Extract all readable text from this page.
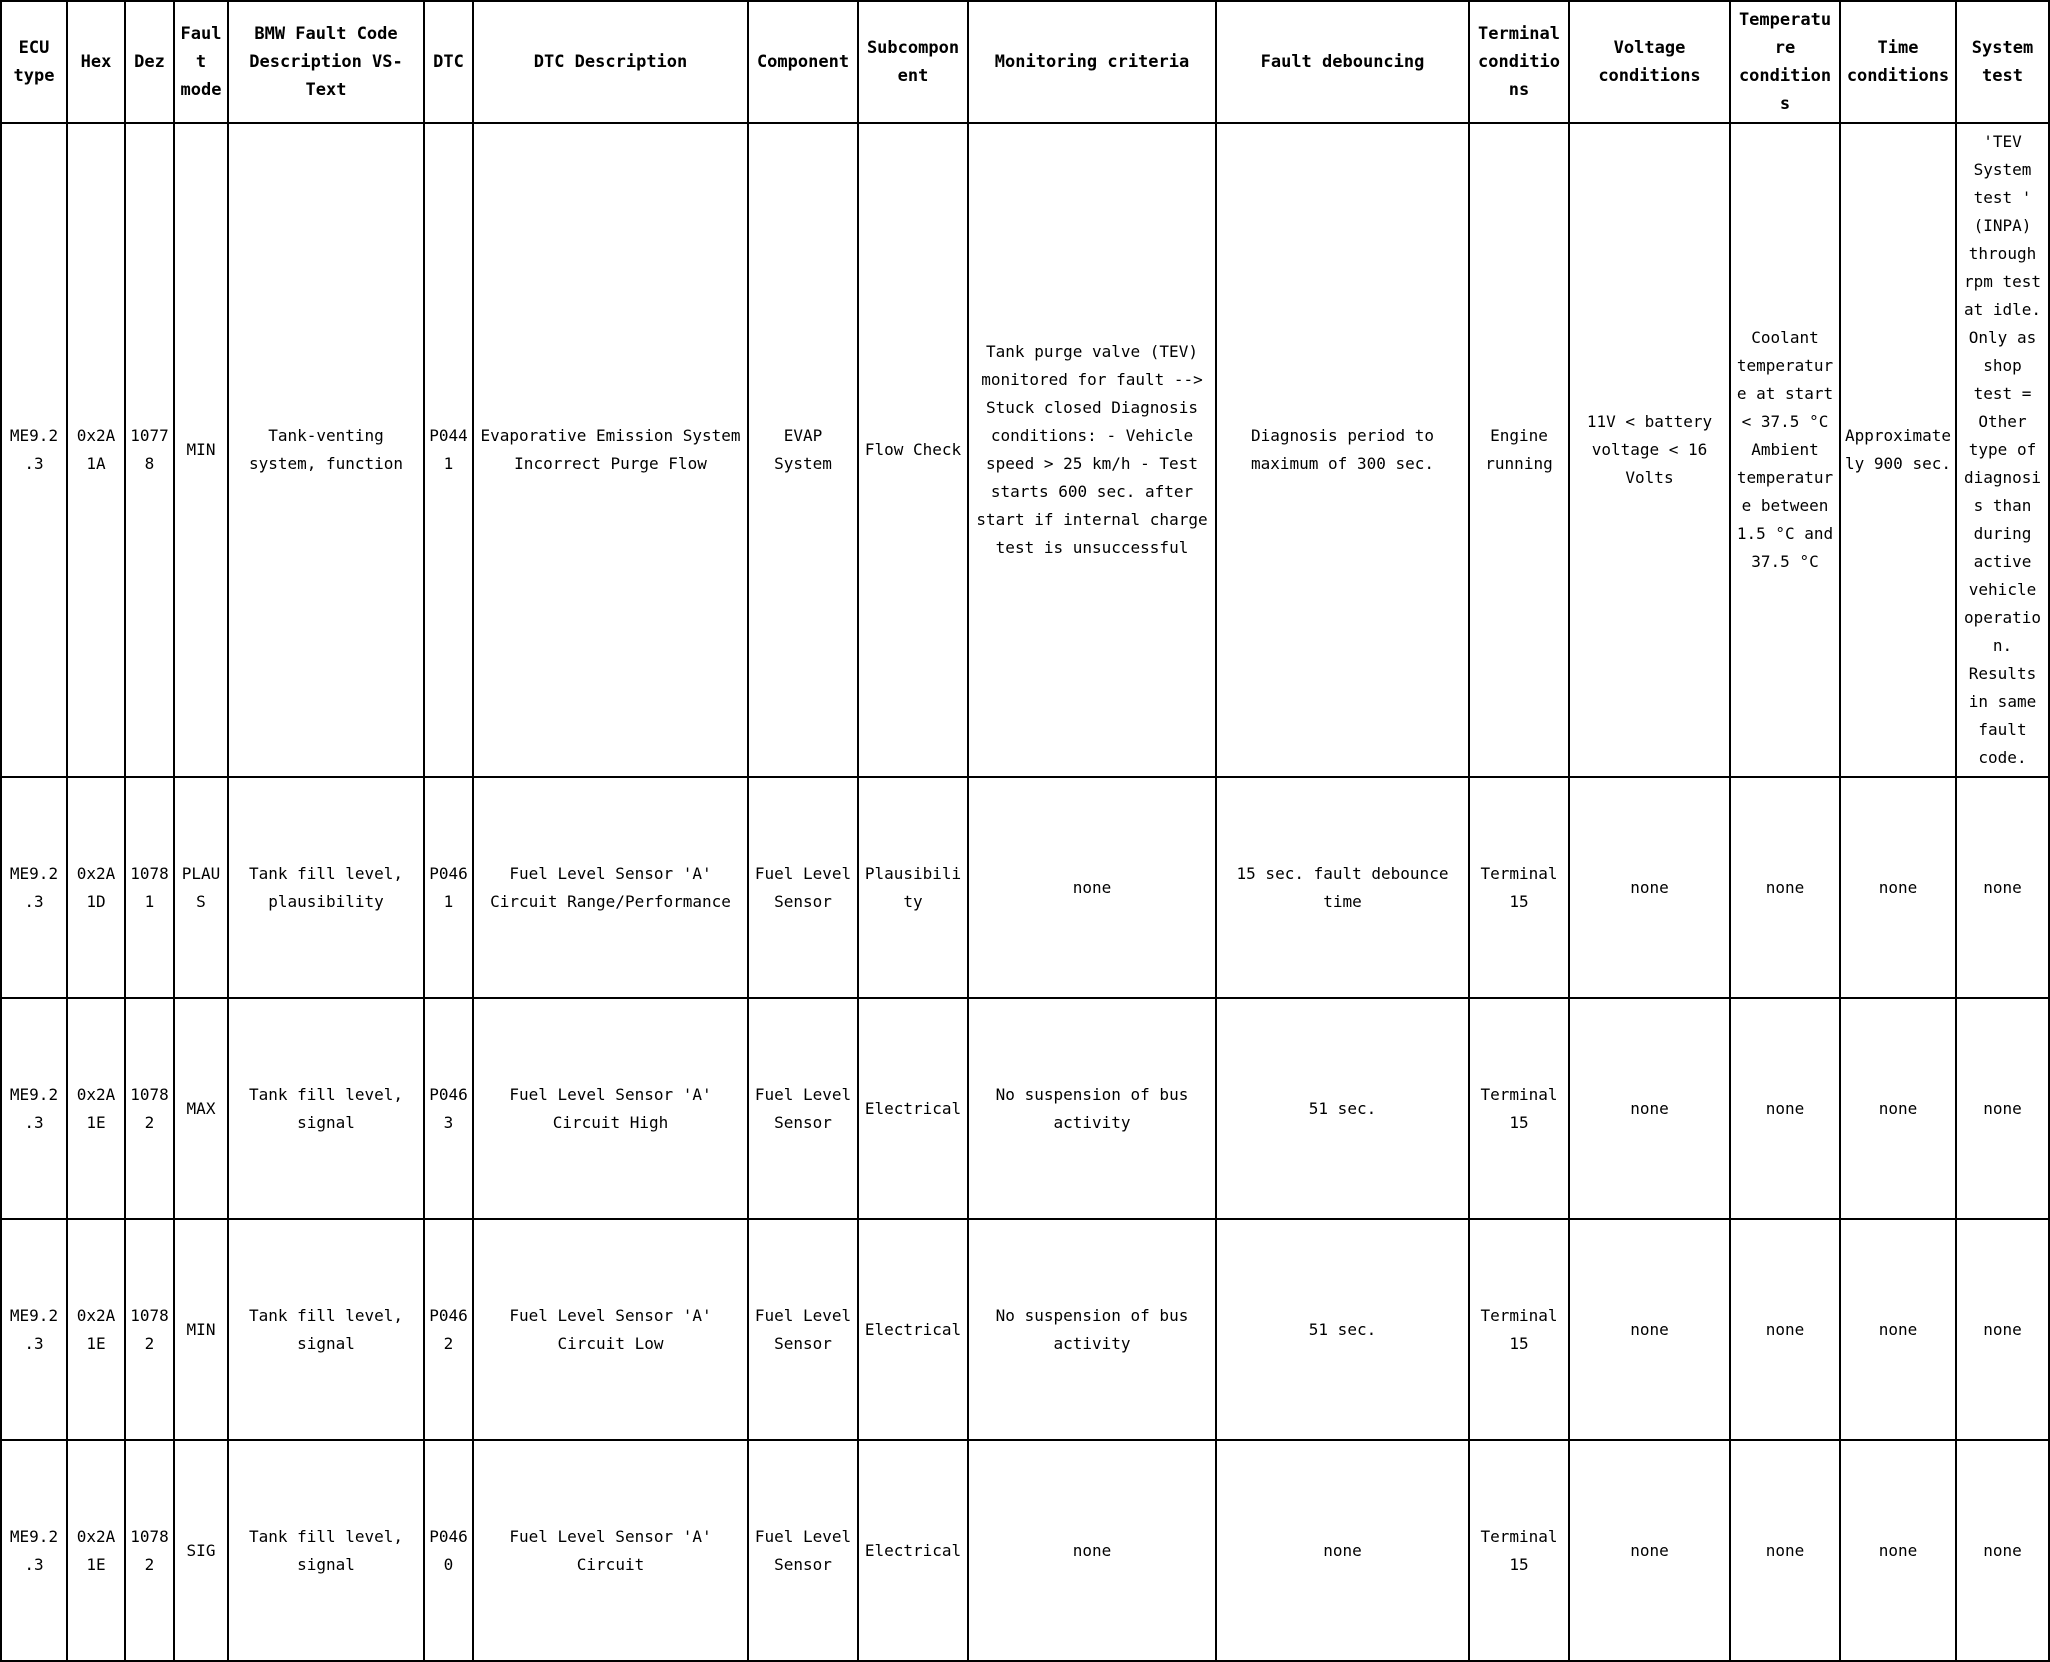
ECU type	Hex	Dez	Fault mode	BMW Fault Code Description VS-Text	DTC	DTC Description	Component	Subcomponent	Monitoring criteria	Fault debouncing	Terminal conditions	Voltage conditions	Temperature conditions	Time conditions	System test
ME9.2.3	0x2A1A	10778	MIN	Tank-venting system, function	P0441	Evaporative Emission System Incorrect Purge Flow	EVAP System	Flow Check	Tank purge valve (TEV) monitored for fault --> Stuck closed Diagnosis conditions: - Vehicle speed > 25 km/h - Test starts 600 sec. after start if internal charge test is unsuccessful	Diagnosis period to maximum of 300 sec.	Engine running	11V < battery voltage < 16 Volts	Coolant temperature at start < 37.5 °C Ambient temperature between 1.5 °C and 37.5 °C	Approximately 900 sec.	'TEV System test ' (INPA) through rpm test at idle. Only as shop test = Other type of diagnosis than during active vehicle operation. Results in same fault code.
ME9.2.3	0x2A1D	10781	PLAUS	Tank fill level, plausibility	P0461	Fuel Level Sensor 'A' Circuit Range/Performance	Fuel Level Sensor	Plausibility	none	15 sec. fault debounce time	Terminal 15	none	none	none	none
ME9.2.3	0x2A1E	10782	MAX	Tank fill level, signal	P0463	Fuel Level Sensor 'A' Circuit High	Fuel Level Sensor	Electrical	No suspension of bus activity	51 sec.	Terminal 15	none	none	none	none
ME9.2.3	0x2A1E	10782	MIN	Tank fill level, signal	P0462	Fuel Level Sensor 'A' Circuit Low	Fuel Level Sensor	Electrical	No suspension of bus activity	51 sec.	Terminal 15	none	none	none	none
ME9.2.3	0x2A1E	10782	SIG	Tank fill level, signal	P0460	Fuel Level Sensor 'A' Circuit	Fuel Level Sensor	Electrical	none	none	Terminal 15	none	none	none	none
